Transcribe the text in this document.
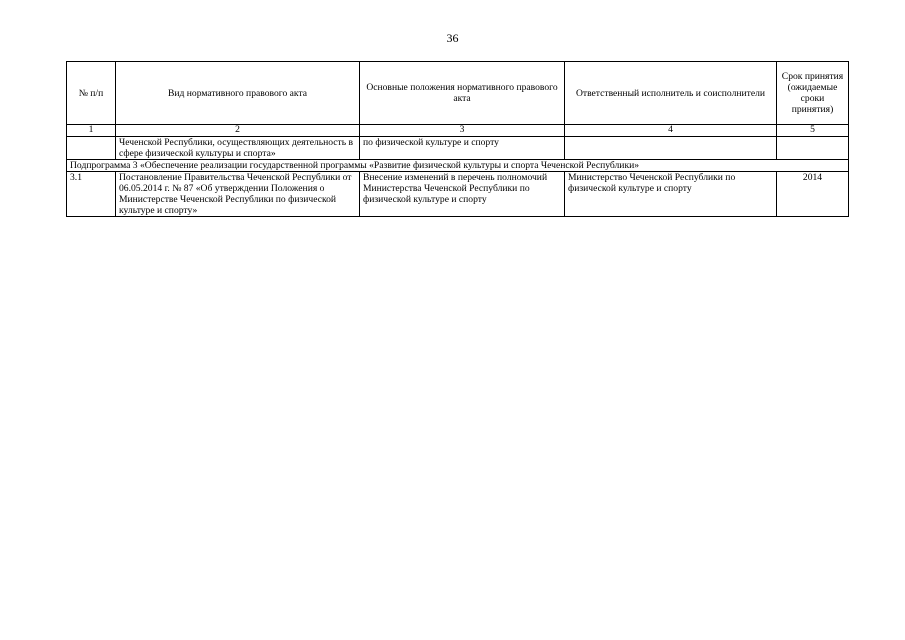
36
№ п/п	Вид нормативного правового акта	Основные положения нормативного правового акта	Ответственный исполнитель и соисполнители	Срок принятия (ожидаемые сроки принятия)
1	2	3	4	5
	Чеченской Республики, осуществляющих деятельность в сфере физической культуры и спорта»	по физической культуре и спорту		
Подпрограмма 3 «Обеспечение реализации государственной программы «Развитие физической культуры и спорта Чеченской Республики»				
3.1	Постановление Правительства Чеченской Республики от 06.05.2014 г. № 87 «Об утверждении Положения о Министерстве Чеченской Республики по физической культуре и спорту»	Внесение изменений в перечень полномочий Министерства Чеченской Республики по физической культуре и спорту	Министерство Чеченской Республики по физической культуре и спорту	2014
